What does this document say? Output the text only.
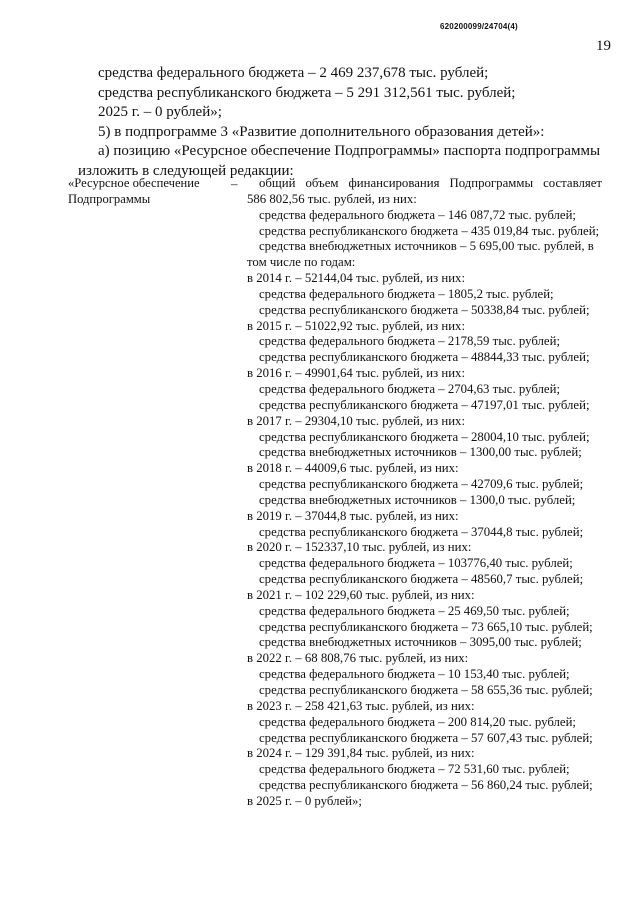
620200099/24704(4)
19
средства федерального бюджета – 2 469 237,678 тыс. рублей;
средства республиканского бюджета – 5 291 312,561 тыс. рублей;
2025 г. – 0 рублей»;
5) в подпрограмме 3 «Развитие дополнительного образования детей»:
а) позицию «Ресурсное обеспечение Подпрограммы» паспорта подпрограммы
изложить в следующей редакции:
«Ресурсное обеспечение
Подпрограммы
–	общий объем финансирования Подпрограммы составляет
586 802,56 тыс. рублей, из них:
средства федерального бюджета – 146 087,72 тыс. рублей;
средства республиканского бюджета – 435 019,84 тыс. рублей;
средства внебюджетных источников – 5 695,00 тыс. рублей, в
том числе по годам:
в 2014 г. – 52144,04 тыс. рублей, из них:
средства федерального бюджета – 1805,2 тыс. рублей;
средства республиканского бюджета – 50338,84 тыс. рублей;
в 2015 г. – 51022,92 тыс. рублей, из них:
средства федерального бюджета – 2178,59 тыс. рублей;
средства республиканского бюджета – 48844,33 тыс. рублей;
в 2016 г. – 49901,64 тыс. рублей, из них:
средства федерального бюджета – 2704,63 тыс. рублей;
средства республиканского бюджета – 47197,01 тыс. рублей;
в 2017 г. – 29304,10 тыс. рублей, из них:
средства республиканского бюджета – 28004,10 тыс. рублей;
средства внебюджетных источников – 1300,00 тыс. рублей;
в 2018 г. – 44009,6 тыс. рублей, из них:
средства республиканского бюджета – 42709,6 тыс. рублей;
средства внебюджетных источников – 1300,0 тыс. рублей;
в 2019 г. – 37044,8 тыс. рублей, из них:
средства республиканского бюджета – 37044,8 тыс. рублей;
в 2020 г. – 152337,10 тыс. рублей, из них:
средства федерального бюджета – 103776,40 тыс. рублей;
средства республиканского бюджета – 48560,7 тыс. рублей;
в 2021 г. – 102 229,60 тыс. рублей, из них:
средства федерального бюджета – 25 469,50 тыс. рублей;
средства республиканского бюджета – 73 665,10 тыс. рублей;
средства внебюджетных источников – 3095,00 тыс. рублей;
в 2022 г. – 68 808,76 тыс. рублей, из них:
средства федерального бюджета – 10 153,40 тыс. рублей;
средства республиканского бюджета – 58 655,36 тыс. рублей;
в 2023 г. – 258 421,63 тыс. рублей, из них:
средства федерального бюджета – 200 814,20 тыс. рублей;
средства республиканского бюджета – 57 607,43 тыс. рублей;
в 2024 г. – 129 391,84 тыс. рублей, из них:
средства федерального бюджета – 72 531,60 тыс. рублей;
средства республиканского бюджета – 56 860,24 тыс. рублей;
в 2025 г. – 0 рублей»;
